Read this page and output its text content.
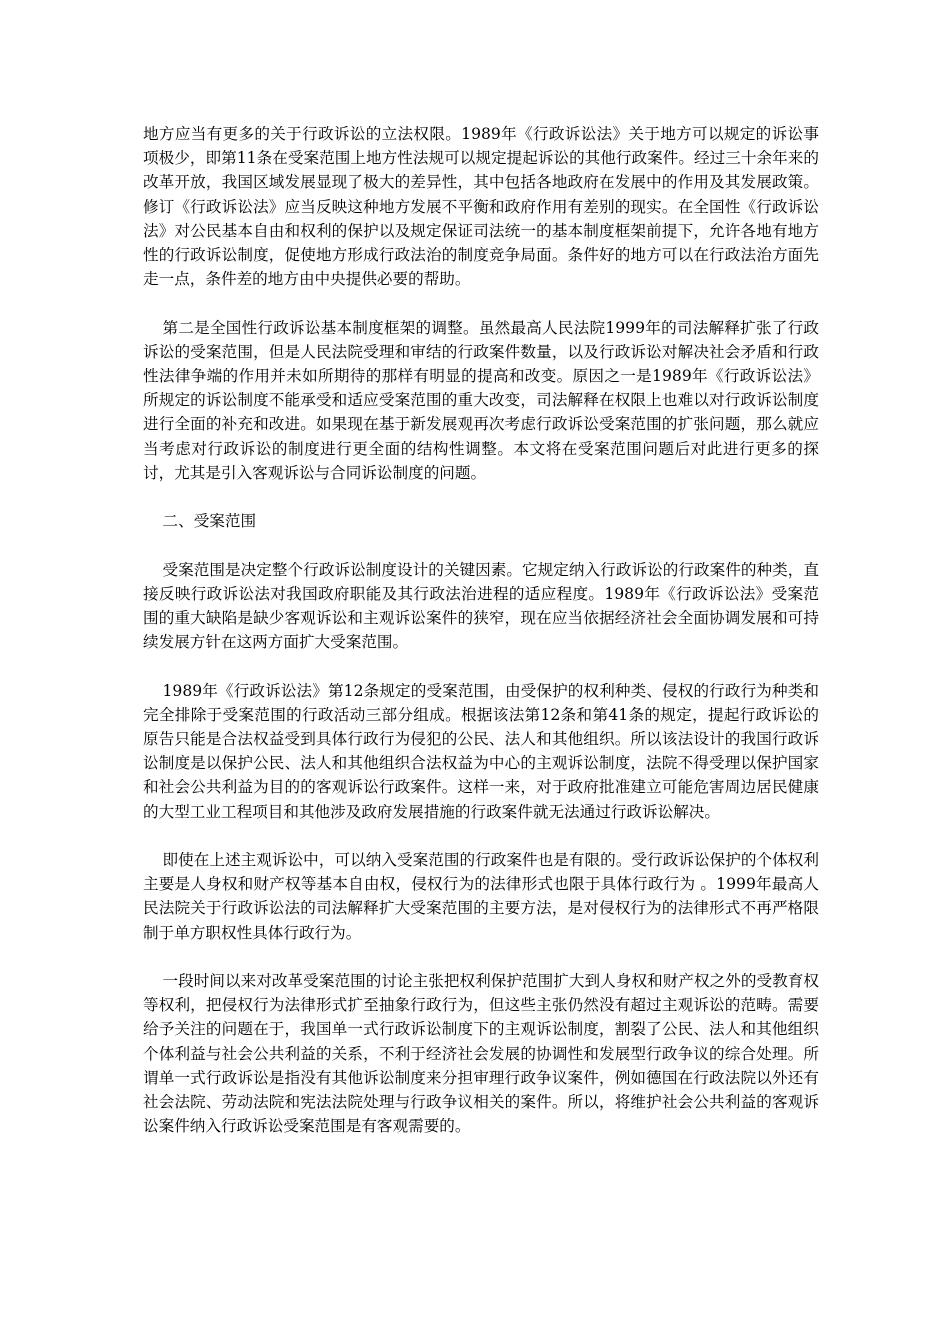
地方应当有更多的关于行政诉讼的立法权限。1989年《行政诉讼法》关于地方可以规定的诉讼事项极少，即第11条在受案范围上地方性法规可以规定提起诉讼的其他行政案件。经过三十余年来的改革开放，我国区域发展显现了极大的差异性，其中包括各地政府在发展中的作用及其发展政策。修订《行政诉讼法》应当反映这种地方发展不平衡和政府作用有差别的现实。在全国性《行政诉讼法》对公民基本自由和权利的保护以及规定保证司法统一的基本制度框架前提下，允许各地有地方性的行政诉讼制度，促使地方形成行政法治的制度竞争局面。条件好的地方可以在行政法治方面先走一点，条件差的地方由中央提供必要的帮助。

第二是全国性行政诉讼基本制度框架的调整。虽然最高人民法院1999年的司法解释扩张了行政诉讼的受案范围，但是人民法院受理和审结的行政案件数量，以及行政诉讼对解决社会矛盾和行政性法律争端的作用并未如所期待的那样有明显的提高和改变。原因之一是1989年《行政诉讼法》所规定的诉讼制度不能承受和适应受案范围的重大改变，司法解释在权限上也难以对行政诉讼制度进行全面的补充和改进。如果现在基于新发展观再次考虑行政诉讼受案范围的扩张问题，那么就应当考虑对行政诉讼的制度进行更全面的结构性调整。本文将在受案范围问题后对此进行更多的探讨，尤其是引入客观诉讼与合同诉讼制度的问题。

二、受案范围

受案范围是决定整个行政诉讼制度设计的关键因素。它规定纳入行政诉讼的行政案件的种类，直接反映行政诉讼法对我国政府职能及其行政法治进程的适应程度。1989年《行政诉讼法》受案范围的重大缺陷是缺少客观诉讼和主观诉讼案件的狭窄，现在应当依据经济社会全面协调发展和可持续发展方针在这两方面扩大受案范围。

1989年《行政诉讼法》第12条规定的受案范围，由受保护的权利种类、侵权的行政行为种类和完全排除于受案范围的行政活动三部分组成。根据该法第12条和第41条的规定，提起行政诉讼的原告只能是合法权益受到具体行政行为侵犯的公民、法人和其他组织。所以该法设计的我国行政诉讼制度是以保护公民、法人和其他组织合法权益为中心的主观诉讼制度，法院不得受理以保护国家和社会公共利益为目的的客观诉讼行政案件。这样一来，对于政府批准建立可能危害周边居民健康的大型工业工程项目和其他涉及政府发展措施的行政案件就无法通过行政诉讼解决。

即使在上述主观诉讼中，可以纳入受案范围的行政案件也是有限的。受行政诉讼保护的个体权利主要是人身权和财产权等基本自由权，侵权行为的法律形式也限于具体行政行为 。1999年最高人民法院关于行政诉讼法的司法解释扩大受案范围的主要方法，是对侵权行为的法律形式不再严格限制于单方职权性具体行政行为。

一段时间以来对改革受案范围的讨论主张把权利保护范围扩大到人身权和财产权之外的受教育权等权利，把侵权行为法律形式扩至抽象行政行为，但这些主张仍然没有超过主观诉讼的范畴。需要给予关注的问题在于，我国单一式行政诉讼制度下的主观诉讼制度，割裂了公民、法人和其他组织个体利益与社会公共利益的关系，不利于经济社会发展的协调性和发展型行政争议的综合处理。所谓单一式行政诉讼是指没有其他诉讼制度来分担审理行政争议案件，例如德国在行政法院以外还有社会法院、劳动法院和宪法法院处理与行政争议相关的案件。所以，将维护社会公共利益的客观诉讼案件纳入行政诉讼受案范围是有客观需要的。
